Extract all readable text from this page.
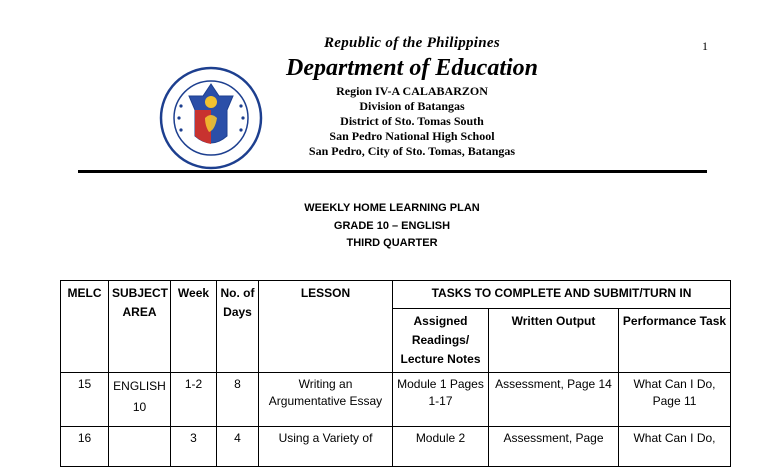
1
Republic of the Philippines
Department of Education
Region IV-A CALABARZON
Division of Batangas
District of Sto. Tomas South
San Pedro National High School
San Pedro, City of Sto. Tomas, Batangas
WEEKLY HOME LEARNING PLAN
GRADE 10 – ENGLISH
THIRD QUARTER
MELC	SUBJECT AREA	Week	No. of Days	LESSON	TASKS TO COMPLETE AND SUBMIT/TURN IN		
					Assigned Readings/ Lecture Notes	Written Output	Performance Task
15	ENGLISH 10	1-2	8	Writing an Argumentative Essay	Module 1 Pages 1-17	Assessment, Page 14	What Can I Do, Page 11
16		3	4	Using a Variety of	Module 2	Assessment, Page	What Can I Do,
